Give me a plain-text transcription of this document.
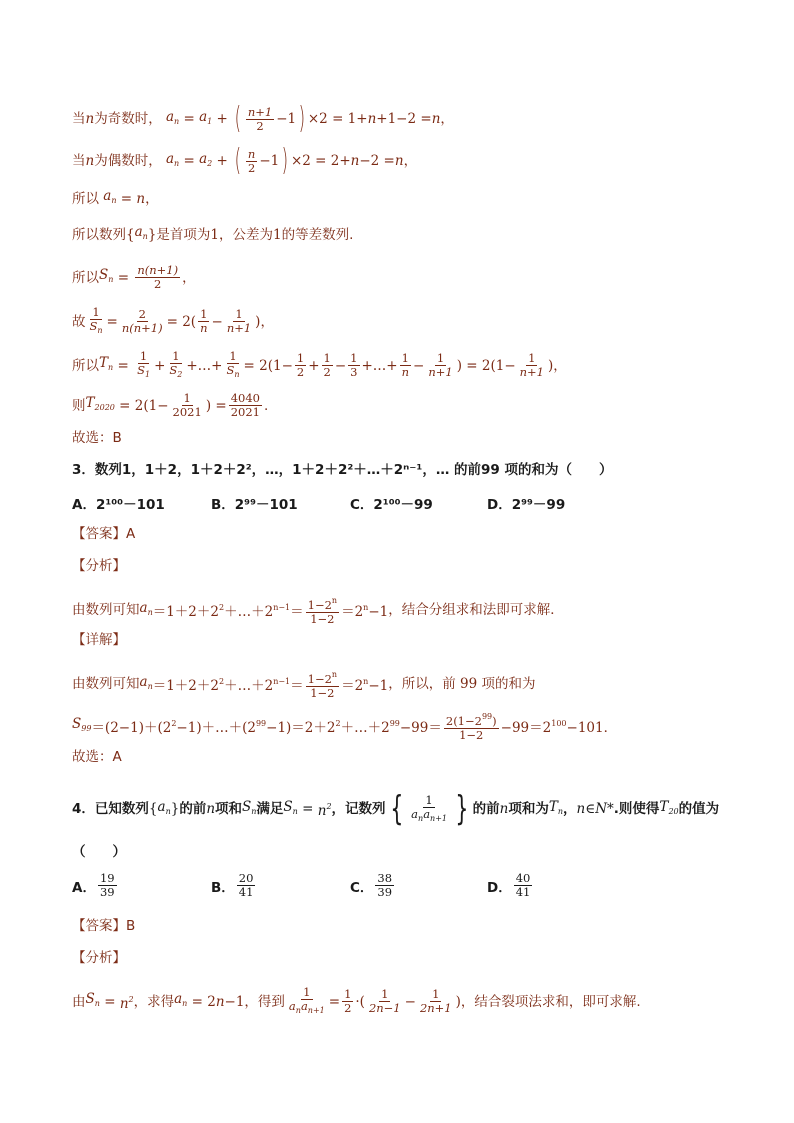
当 n 为奇数时， $a_n = a_1$ + ( $\frac{n+1}{2} -1$ ) ×2 = 1+ n +1−2 = n ，
当 n 为偶数时， $a_n = a_2$ + ( $\frac{n}{2} -1$ ) ×2 = 2+ n −2 = n ，
所以 $a_n = n$ ，
所以数列 { $a_n$ } 是首项为 1 ，公差为 1 的等差数列.
所以 $S_n = \frac{n(n+1)}{2}$ ，
故 $\frac{1}{S_n} = \frac{2}{n(n+1)} = 2( \frac{1}{n} - \frac{1}{n+1}$ ) ，
所以 $T_n = \frac{1}{S_1} + \frac{1}{S_2}$ +…+ $\frac{1}{S_n} = 2(1- \frac{1}{2} + \frac{1}{2} - \frac{1}{3}$ +…+ $\frac{1}{n} - \frac{1}{n+1}$ ) = $2(1- \frac{1}{n+1}$ ) ，
则 $T_{2020} = 2(1- \frac{1}{2021}$ ) = $\frac{4040}{2021}$ .
故选：B
3．数列1，1＋2，1＋2＋2²，…，1＋2＋2²＋…＋2ⁿ⁻¹，… 的前99 项的和为（　　）
A．2¹⁰⁰－101	B．2⁹⁹－101	C．2¹⁰⁰－99	D．2⁹⁹－99
【答案】A
【分析】
由数列可知 $a_n$ $=1+2+2^2+\dots+2^{n-1}= \frac{1-2^n}{1-2} =2^n-1$ ，结合分组求和法即可求解．
【详解】
由数列可知 $a_n$ $=1+2+2^2+\dots+2^{n-1}= \frac{1-2^n}{1-2} =2^n-1$ ，所以，前 99 项的和为
$S_{99}$ $=(2-1)+(2^2-1)+\dots+(2^{99}-1)=2+2^2+\dots+2^{99}-99= \frac{2(1-2^{99})}{1-2} -99=2^{100}-101$．
故选：A
4．已知数列 { $a_n$ } 的前 n 项和 $S_n$ 满足 $S_n = n^2$ ，记数列 { $\frac{1}{a_na_{n+1}}$ } 的前 n 项和为 $T_n$ ， n ∈ N * .则使得 $T_{20}$ 的值为
（　　）
A． $\frac{19}{39}$	B． $\frac{20}{41}$	C． $\frac{38}{39}$	D． $\frac{40}{41}$
【答案】B
【分析】
由 $S_n = n^2$ ，求得 $a_n = 2$ n −1 ，得到 $\frac{1}{a_na_{n+1}} = \frac{1}{2}$ ·( $\frac{1}{2n-1} - \frac{1}{2n+1}$ ) ，结合裂项法求和，即可求解.
